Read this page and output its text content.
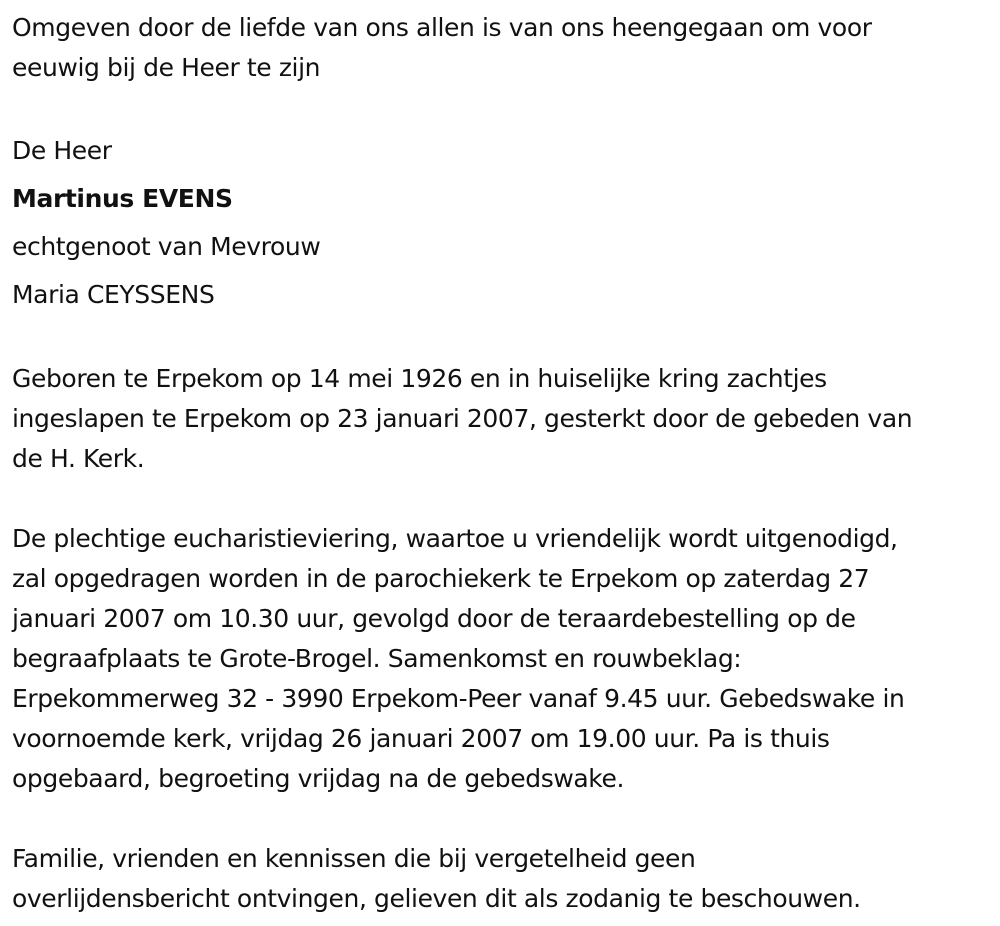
Omgeven door de liefde van ons allen is van ons heengegaan om voor
eeuwig bij de Heer te zijn
De Heer
Martinus EVENS
echtgenoot van Mevrouw
Maria CEYSSENS
Geboren te Erpekom op 14 mei 1926 en in huiselijke kring zachtjes
ingeslapen te Erpekom op 23 januari 2007, gesterkt door de gebeden van
de H. Kerk.
De plechtige eucharistieviering, waartoe u vriendelijk wordt uitgenodigd,
zal opgedragen worden in de parochiekerk te Erpekom op zaterdag 27
januari 2007 om 10.30 uur, gevolgd door de teraardebestelling op de
begraafplaats te Grote-Brogel. Samenkomst en rouwbeklag:
Erpekommerweg 32 - 3990 Erpekom-Peer vanaf 9.45 uur. Gebedswake in
voornoemde kerk, vrijdag 26 januari 2007 om 19.00 uur. Pa is thuis
opgebaard, begroeting vrijdag na de gebedswake.
Familie, vrienden en kennissen die bij vergetelheid geen
overlijdensbericht ontvingen, gelieven dit als zodanig te beschouwen.
